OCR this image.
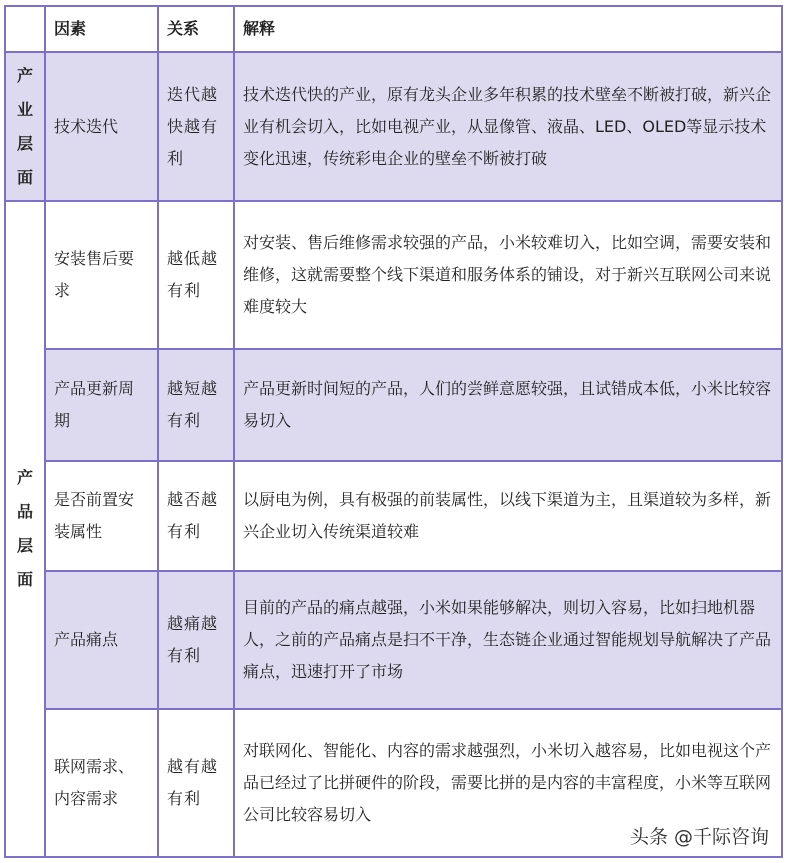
	因素	关系	解释

产
业
层
面	技术迭代	迭代越快越有利	技术迭代快的产业，原有龙头企业多年积累的技术壁垒不断被打破，新兴企业有机会切入，比如电视产业，从显像管、液晶、LED、OLED等显示技术变化迅速，传统彩电企业的壁垒不断被打破

产
品
层
面	安装售后要求	越低越有利	对安装、售后维修需求较强的产品，小米较难切入，比如空调，需要安装和维修，这就需要整个线下渠道和服务体系的铺设，对于新兴互联网公司来说难度较大
	产品更新周期	越短越有利	产品更新时间短的产品，人们的尝鲜意愿较强，且试错成本低，小米比较容易切入
	是否前置安装属性	越否越有利	以厨电为例，具有极强的前装属性，以线下渠道为主，且渠道较为多样，新兴企业切入传统渠道较难
	产品痛点	越痛越有利	目前的产品的痛点越强，小米如果能够解决，则切入容易，比如扫地机器人，之前的产品痛点是扫不干净，生态链企业通过智能规划导航解决了产品痛点，迅速打开了市场
	联网需求、内容需求	越有越有利	对联网化、智能化、内容的需求越强烈，小米切入越容易，比如电视这个产品已经过了比拼硬件的阶段，需要比拼的是内容的丰富程度，小米等互联网公司比较容易切入
头条 @千际咨询
